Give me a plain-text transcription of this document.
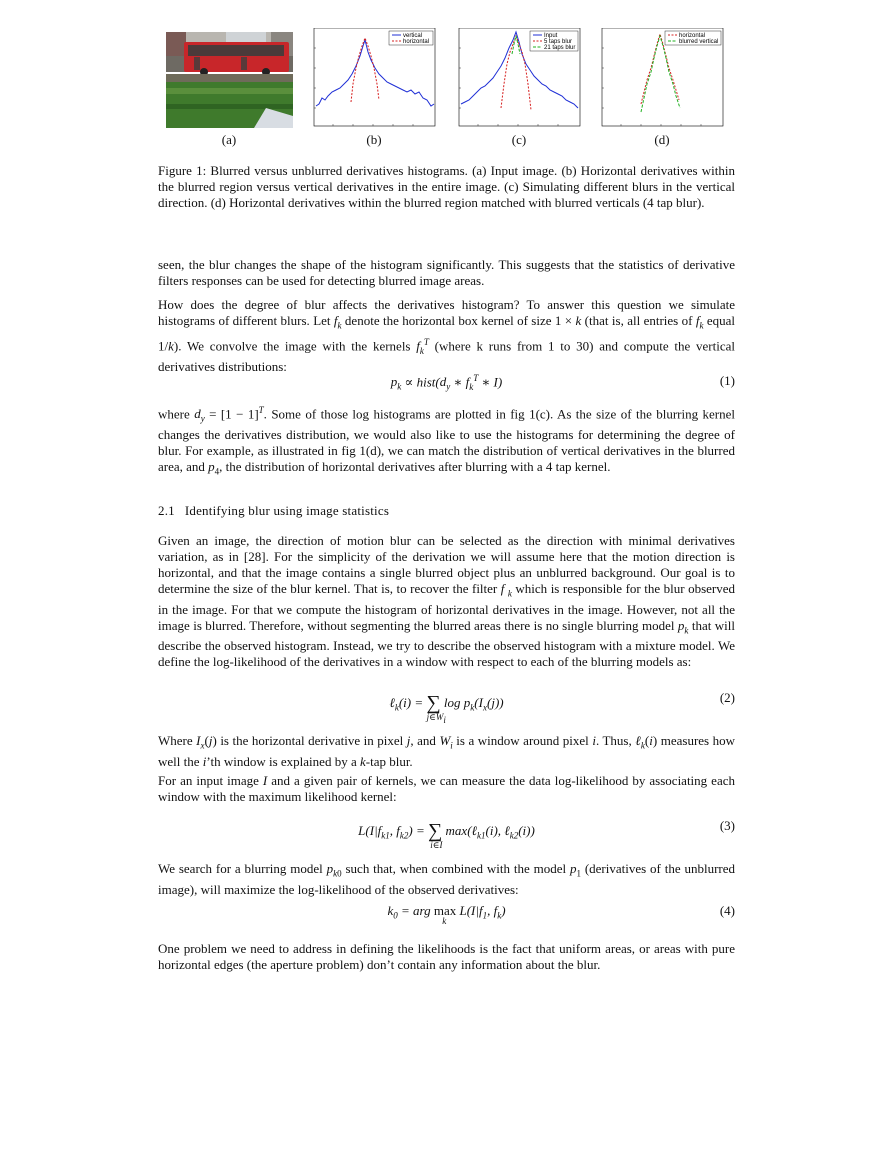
(a)
vertical
horizontal
(b)
Input
5 taps blur
21 taps blur
(c)
horizontal
blurred vertical
(d)
Figure 1: Blurred versus unblurred derivatives histograms. (a) Input image. (b) Horizontal derivatives within the blurred region versus vertical derivatives in the entire image. (c) Simulating different blurs in the vertical direction. (d) Horizontal derivatives within the blurred region matched with blurred verticals (4 tap blur).
seen, the blur changes the shape of the histogram significantly. This suggests that the statistics of derivative filters responses can be used for detecting blurred image areas.
How does the degree of blur affects the derivatives histogram? To answer this question we simulate histograms of different blurs. Let $f_k$ denote the horizontal box kernel of size 1 × k (that is, all entries of $f_k$ equal 1/k). We convolve the image with the kernels $f_k^T$ (where k runs from 1 to 30) and compute the vertical derivatives distributions:
$p_k$ ∝ $hist(d_y$ ∗ $f_k^T$ ∗ I)	(1)
where $d_y = [1 - 1]^T$. Some of those log histograms are plotted in fig 1(c). As the size of the blurring kernel changes the derivatives distribution, we would also like to use the histograms for determining the degree of blur. For example, as illustrated in fig 1(d), we can match the distribution of vertical derivatives in the blurred area, and $p_4$, the distribution of horizontal derivatives after blurring with a 4 tap kernel.
2.1 Identifying blur using image statistics
Given an image, the direction of motion blur can be selected as the direction with minimal derivatives variation, as in [28]. For the simplicity of the derivation we will assume here that the motion direction is horizontal, and that the image contains a single blurred object plus an unblurred background. Our goal is to determine the size of the blur kernel. That is, to recover the filter f $_k$ which is responsible for the blur observed in the image. For that we compute the histogram of horizontal derivatives in the image. However, not all the image is blurred. Therefore, without segmenting the blurred areas there is no single blurring model $p_k$ that will describe the observed histogram. Instead, we try to describe the observed histogram with a mixture model. We define the log-likelihood of the derivatives in a window with respect to each of the blurring models as:
ℓ$_k$(i) = ∑
$j\in W_i$
$\log p_k(I_x(j))$	(2)
Where $I_x(j)$ is the horizontal derivative in pixel j, and $W_i$ is a window around pixel i. Thus, ℓ$_k$(i) measures how well the i’th window is explained by a k-tap blur.
For an input image I and a given pair of kernels, we can measure the data log-likelihood by associating each window with the maximum likelihood kernel:
$L(I|f_{k1}$, $f_{k2}$) = ∑
i∈I
max(ℓ$_{k1}$(i), ℓ$_{k2}$(i))	(3)
We search for a blurring model $p_{k0}$ such that, when combined with the model $p_1$ (derivatives of the unblurred image), will maximize the log-likelihood of the observed derivatives:
$k_0$ = arg max
k
$L(I|f_1$, $f_k$)	(4)
One problem we need to address in defining the likelihoods is the fact that uniform areas, or areas with pure horizontal edges (the aperture problem) don’t contain any information about the blur.
